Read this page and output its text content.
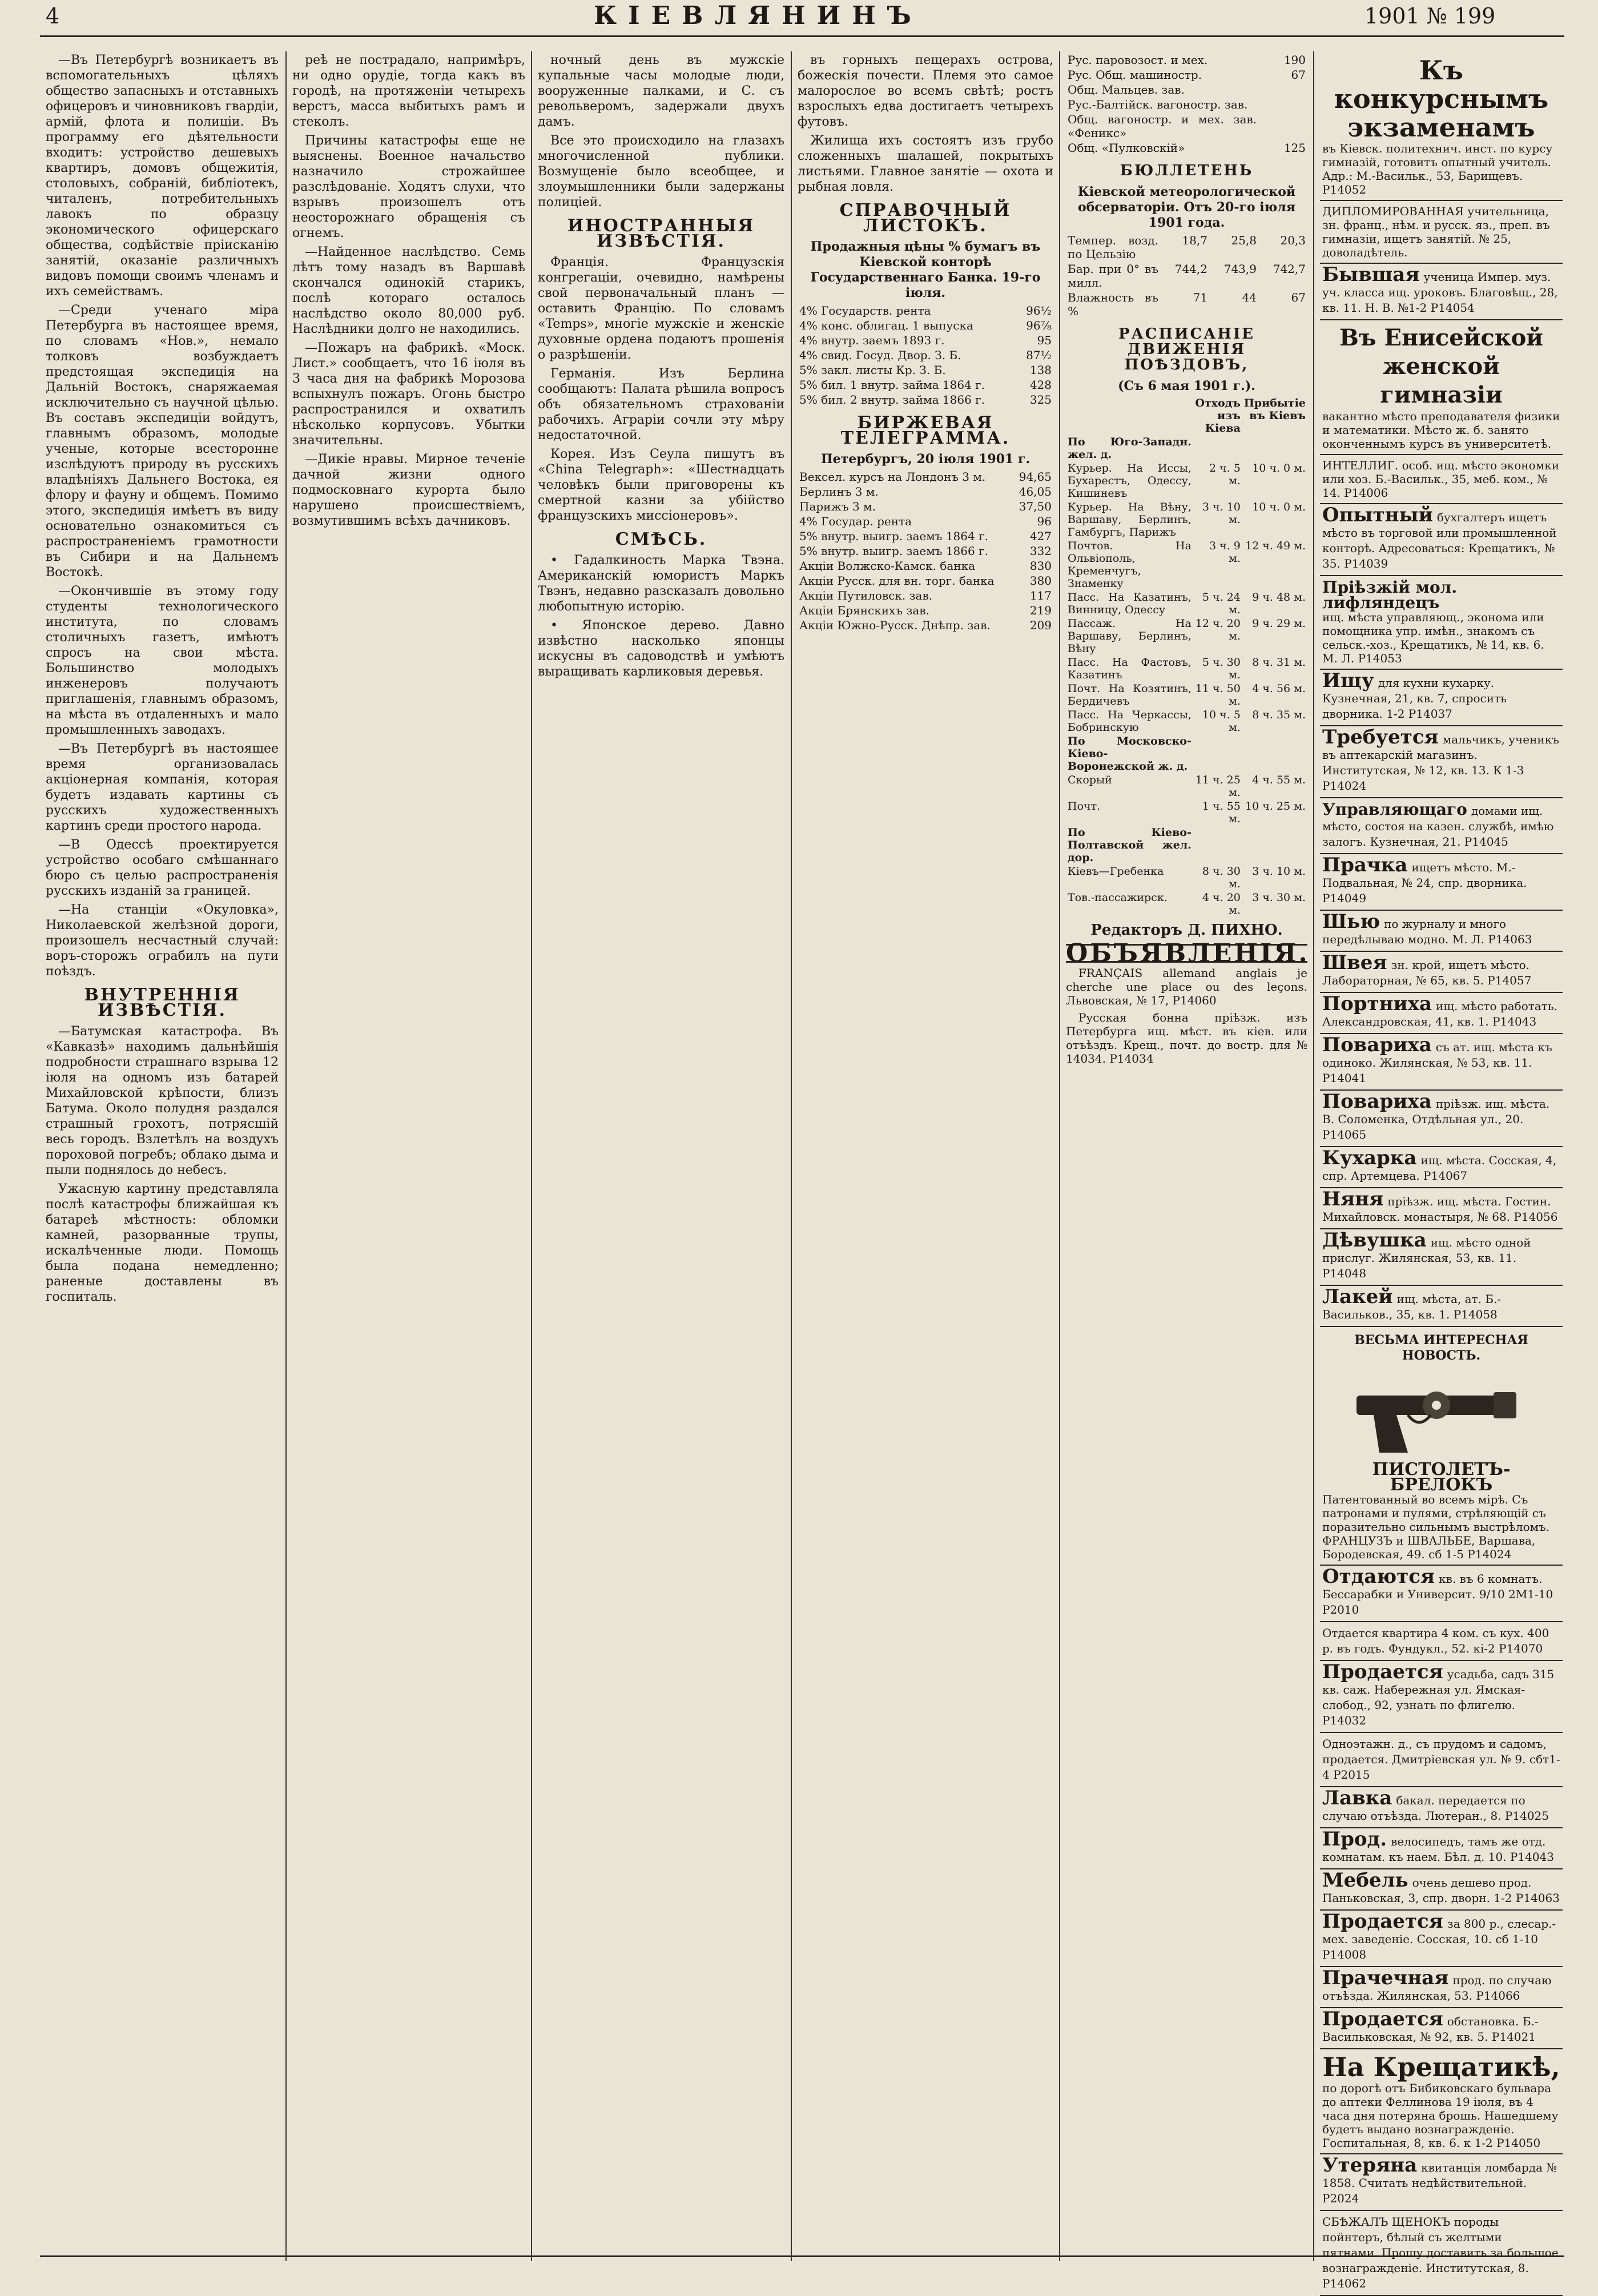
4	КІЕВЛЯНИНЪ	1901 № 199

—Въ Петербургѣ возникаетъ въ вспомогательныхъ цѣляхъ общество запасныхъ и отставныхъ офицеровъ и чиновниковъ гвардіи, армій, флота и полиціи. Въ программу его дѣятельности входитъ: устройство дешевыхъ квартиръ, домовъ общежитія, столовыхъ, собраній, библіотекъ, читаленъ, потребительныхъ лавокъ по образцу экономического офицерскаго общества, содѣйствіе пріисканію занятій, оказаніе различныхъ видовъ помощи своимъ членамъ и ихъ семействамъ.

—Среди ученаго міра Петербурга въ настоящее время, по словамъ «Нов.», немало толковъ возбуждаетъ предстоящая экспедиція на Дальній Востокъ, снаряжаемая исключительно съ научной цѣлью. Въ составъ экспедиціи войдутъ, главнымъ образомъ, молодые ученые, которые всесторонне изслѣдуютъ природу въ русскихъ владѣніяхъ Дальнего Востока, ея флору и фауну и общемъ. Помимо этого, экспедиція имѣетъ въ виду основательно ознакомиться съ распространеніемъ грамотности въ Сибири и на Дальнемъ Востокѣ.

—Окончившіе въ этому году студенты технологического института, по словамъ столичныхъ газетъ, имѣютъ спросъ на свои мѣста. Большинство молодыхъ инженеровъ получаютъ приглашенія, главнымъ образомъ, на мѣста въ отдаленныхъ и мало промышленныхъ заводахъ.

—Въ Петербургѣ въ настоящее время организовалась акціонерная компанія, которая будетъ издавать картины съ русскихъ художественныхъ картинъ среди простого народа.

—В Одессѣ проектируется устройство особаго смѣшаннаго бюро съ целью распространенія русскихъ изданій за границей.

—На станціи «Окуловка», Николаевской желѣзной дороги, произошелъ несчастный случай: воръ-сторожъ ограбилъ на пути поѣздъ.

ВНУТРЕННІЯ ИЗВѢСТІЯ.

—Батумская катастрофа. Въ «Кавказѣ» находимъ дальнѣйшія подробности страшнаго взрыва 12 іюля на одномъ изъ батарей Михайловской крѣпости, близъ Батума. Около полудня раздался страшный грохотъ, потрясшій весь городъ. Взлетѣлъ на воздухъ пороховой погребъ; облако дыма и пыли поднялось до небесъ.

Ужасную картину представляла послѣ катастрофы ближайшая къ батареѣ мѣстность: обломки камней, разорванные трупы, искалѣченные люди. Помощь была подана немедленно; раненые доставлены въ госпиталь.

реѣ не пострадало, напримѣръ, ни одно орудіе, тогда какъ въ городѣ, на протяженіи четырехъ верстъ, масса выбитыхъ рамъ и стеколъ.

Причины катастрофы еще не выяснены. Военное начальство назначило строжайшее разслѣдованіе. Ходятъ слухи, что взрывъ произошелъ отъ неосторожнаго обращенія съ огнемъ.

—Найденное наслѣдство. Семь лѣтъ тому назадъ въ Варшавѣ скончался одинокій старикъ, послѣ котораго осталось наслѣдство около 80,000 руб. Наслѣдники долго не находились.

—Пожаръ на фабрикѣ. «Моск. Лист.» сообщаетъ, что 16 іюля въ 3 часа дня на фабрикѣ Морозова вспыхнулъ пожаръ. Огонь быстро распространился и охватилъ нѣсколько корпусовъ. Убытки значительны.

—Дикіе нравы. Мирное теченіе дачной жизни одного подмосковнаго курорта было нарушено происшествіемъ, возмутившимъ всѣхъ дачниковъ.

ночный день въ мужскіе купальные часы молодые люди, вооруженные палками, и С. съ револьверомъ, задержали двухъ дамъ.

Все это происходило на глазахъ многочисленной публики. Возмущеніе было всеобщее, и злоумышленники были задержаны полиціей.

ИНОСТРАННЫЯ ИЗВѢСТІЯ.

Франція. Французскія конгрегаціи, очевидно, намѣрены свой первоначальный планъ — оставить Францію. По словамъ «Temps», многіе мужскіе и женскіе духовные ордена подаютъ прошенія о разрѣшеніи.

Германія. Изъ Берлина сообщаютъ: Палата рѣшила вопросъ объ обязательномъ страхованіи рабочихъ. Аграріи сочли эту мѣру недостаточной.

Корея. Изъ Сеула пишутъ въ «China Telegraph»: «Шестнадцать человѣкъ были приговорены къ смертной казни за убійство французскихъ миссіонеровъ».

СМѢСЬ.

• Гадалкиность Марка Твэна. Американскій юмористъ Маркъ Твэнъ, недавно разсказалъ довольно любопытную исторію.

• Японское дерево. Давно извѣстно насколько японцы искусны въ садоводствѣ и умѣютъ выращивать карликовыя деревья.

въ горныхъ пещерахъ острова, божескія почести. Племя это самое малорослое во всемъ свѣтѣ; ростъ взрослыхъ едва достигаетъ четырехъ футовъ.

Жилища ихъ состоятъ изъ грубо сложенныхъ шалашей, покрытыхъ листьями. Главное занятіе — охота и рыбная ловля.

СПРАВОЧНЫЙ ЛИСТОКЪ.

Продажныя цѣны % бумагъ въ Кіевской конторѣ Государственнаго Банка. 19-го іюля.

4% Государств. рента	96½
4% конс. облигац. 1 выпуска	96⅞
4% внутр. заемъ 1893 г.	95
4% свид. Госуд. Двор. З. Б.	87½
5% закл. листы Кр. З. Б.	138
5% бил. 1 внутр. займа 1864 г.	428
5% бил. 2 внутр. займа 1866 г.	325

БИРЖЕВАЯ ТЕЛЕГРАММА.

Петербургъ, 20 іюля 1901 г.

Вексел. курсъ на Лондонъ 3 м.	94,65
Берлинъ 3 м.	46,05
Парижъ 3 м.	37,50
4% Государ. рента	96
5% внутр. выигр. заемъ 1864 г.	427
5% внутр. выигр. заемъ 1866 г.	332
Акціи Волжско-Камск. банка	830
Акціи Русск. для вн. торг. банка	380
Акціи Путиловск. зав.	117
Акціи Брянскихъ зав.	219
Акціи Южно-Русск. Днѣпр. зав.	209
Рус. паровозост. и мех.	190
Рус. Общ. машиностр.	67
Общ. Мальцев. зав.	
Рус.-Балтійск. вагоностр. зав.	
Общ. вагоностр. и мех. зав. «Феникс»	
Общ. «Пулковскій»	125

БЮЛЛЕТЕНЬ

Кіевской метеорологической обсерваторіи. Отъ 20-го іюля 1901 года.

Темпер. возд. по Цельзію	18,7	25,8	20,3
Бар. при 0° въ милл.	744,2	743,9	742,7
Влажность въ %	71	44	67

РАСПИСАНІЕ ДВИЖЕНІЯ ПОѢЗДОВЪ,

(Съ 6 мая 1901 г.).

	Отходъ изъ Кіева	Прибытіе въ Кіевъ
По Юго-Западн. жел. д.		
Курьер. На Иссы, Бухарестъ, Одессу, Кишиневъ	2 ч. 5 м.	10 ч. 0 м.
Курьер. На Вѣну, Варшаву, Берлинъ, Гамбургъ, Парижъ	3 ч. 10 м.	10 ч. 0 м.
Почтов. На Ольвіополь, Кременчугъ, Знаменку	3 ч. 9 м.	12 ч. 49 м.
Пасс. На Казатинъ, Винницу, Одессу	5 ч. 24 м.	9 ч. 48 м.
Пассаж. На Варшаву, Берлинъ, Вѣну	12 ч. 20 м.	9 ч. 29 м.
Пасс. На Фастовъ, Казатинъ	5 ч. 30 м.	8 ч. 31 м.
Почт. На Козятинъ, Бердичевъ	11 ч. 50 м.	4 ч. 56 м.
Пасс. На Черкассы, Бобринскую	10 ч. 5 м.	8 ч. 35 м.
По Московско-Кіево-Воронежской ж. д.		
Скорый	11 ч. 25 м.	4 ч. 55 м.
Почт.	1 ч. 55 м.	10 ч. 25 м.
По Кіево-Полтавской жел. дор.		
Кіевъ—Гребенка	8 ч. 30 м.	3 ч. 10 м.
Тов.-пассажирск.	4 ч. 20 м.	3 ч. 30 м.
Редакторъ Д. ПИХНО.
ОБЪЯВЛЕНІЯ.

FRANÇAIS allemand anglais je cherche une place ou des leçons. Львовская, № 17, Р14060

Русская бонна пріѣзж. изъ Петербурга ищ. мѣст. въ кіев. или отъѣздъ. Крещ., почт. до востр. для № 14034. Р14034

Къ конкурснымъ экзаменамъ
въ Кіевск. политехнич. инст. по курсу гимназій, готовитъ опытный учитель. Адр.: М.-Васильк., 53, Барищевъ. Р14052
ДИПЛОМИРОВАННАЯ учительница, зн. франц., нѣм. и русск. яз., преп. въ гимназіи, ищетъ занятій. № 25, доволадѣтель.
Бывшая ученица Импер. муз. уч. класса ищ. уроковъ. Благовѣщ., 28, кв. 11. Н. В. №1-2 Р14054
Въ Енисейской женской гимназіи
вакантно мѣсто преподавателя физики и математики. Мѣсто ж. б. занято оконченнымъ курсъ въ университетѣ.
ИНТЕЛЛИГ. особ. ищ. мѣсто экономки или хоз. Б.-Васильк., 35, меб. ком., № 14. Р14006
Опытный бухгалтеръ ищетъ мѣсто въ торговой или промышленной конторѣ. Адресоваться: Крещатикъ, № 35. Р14039
Пріѣзжій мол. лифляндецъ
ищ. мѣста управляющ., эконома или помощника упр. имѣн., знакомъ съ сельск.-хоз., Крещатикъ, № 14, кв. 6. М. Л. Р14053
Ищу для кухни кухарку. Кузнечная, 21, кв. 7, спросить дворника. 1-2 Р14037
Требуется мальчикъ, ученикъ въ аптекарскій магазинъ. Институтская, № 12, кв. 13. К 1-3 Р14024
Управляющаго домами ищ. мѣсто, состоя на казен. службѣ, имѣю залогъ. Кузнечная, 21. Р14045
Прачка ищетъ мѣсто. М.-Подвальная, № 24, спр. дворника. Р14049
Шью по журналу и много передѣлываю модно. М. Л. Р14063
Швея зн. крой, ищетъ мѣсто. Лабораторная, № 65, кв. 5. Р14057
Портниха ищ. мѣсто работать. Александровская, 41, кв. 1. Р14043
Повариха съ ат. ищ. мѣста къ одиноко. Жилянская, № 53, кв. 11. Р14041
Повариха пріѣзж. ищ. мѣста. В. Соломенка, Отдѣльная ул., 20. Р14065
Кухарка ищ. мѣста. Сосская, 4, спр. Артемцева. Р14067
Няня пріѣзж. ищ. мѣста. Гостин. Михайловск. монастыря, № 68. Р14056
Дѣвушка ищ. мѣсто одной прислуг. Жилянская, 53, кв. 11. Р14048
Лакей ищ. мѣста, ат. Б.-Васильков., 35, кв. 1. Р14058
ВЕСЬМА ИНТЕРЕСНАЯ НОВОСТЬ.
ПИСТОЛЕТЪ-БРЕЛОКЪ
Патентованный во всемъ мірѣ. Съ патронами и пулями, стрѣляющій съ поразительно сильнымъ выстрѣломъ. ФРАНЦУЗЪ и ШВАЛЬБЕ, Варшава, Бородевская, 49. сб 1-5 Р14024
Отдаются кв. въ 6 комнатъ. Бессарабки и Университ. 9/10 2М1-10 Р2010
Отдается квартира 4 ком. съ кух. 400 р. въ годъ. Фундукл., 52. кі-2 Р14070
Продается усадьба, садъ 315 кв. саж. Набережная ул. Ямская-слобод., 92, узнать по флигелю. Р14032
Одноэтажн. д., съ прудомъ и садомъ, продается. Дмитріевская ул. № 9. сбт1-4 Р2015
Лавка бакал. передается по случаю отъѣзда. Лютеран., 8. Р14025
Прод. велосипедъ, тамъ же отд. комнатам. къ наем. Бѣл. д. 10. Р14043
Мебель очень дешево прод. Паньковская, 3, спр. дворн. 1-2 Р14063
Продается за 800 р., слесар.-мех. заведеніе. Сосская, 10. сб 1-10 Р14008
Прачечная прод. по случаю отъѣзда. Жилянская, 53. Р14066
Продается обстановка. Б.-Васильковская, № 92, кв. 5. Р14021
На Крещатикѣ,
по дорогѣ отъ Бибиковскаго бульвара до аптеки Феллинова 19 іюля, въ 4 часа дня потеряна брошь. Нашедшему будетъ выдано вознагражденіе. Госпитальная, 8, кв. 6. к 1-2 Р14050
Утеряна квитанція ломбарда № 1858. Считать недѣйствительной. Р2024
СБѢЖАЛЪ ЩЕНОКЪ породы пойнтеръ, бѣлый съ желтыми пятнами. Прошу доставить за большое вознагражденіе. Институтская, 8. Р14062
